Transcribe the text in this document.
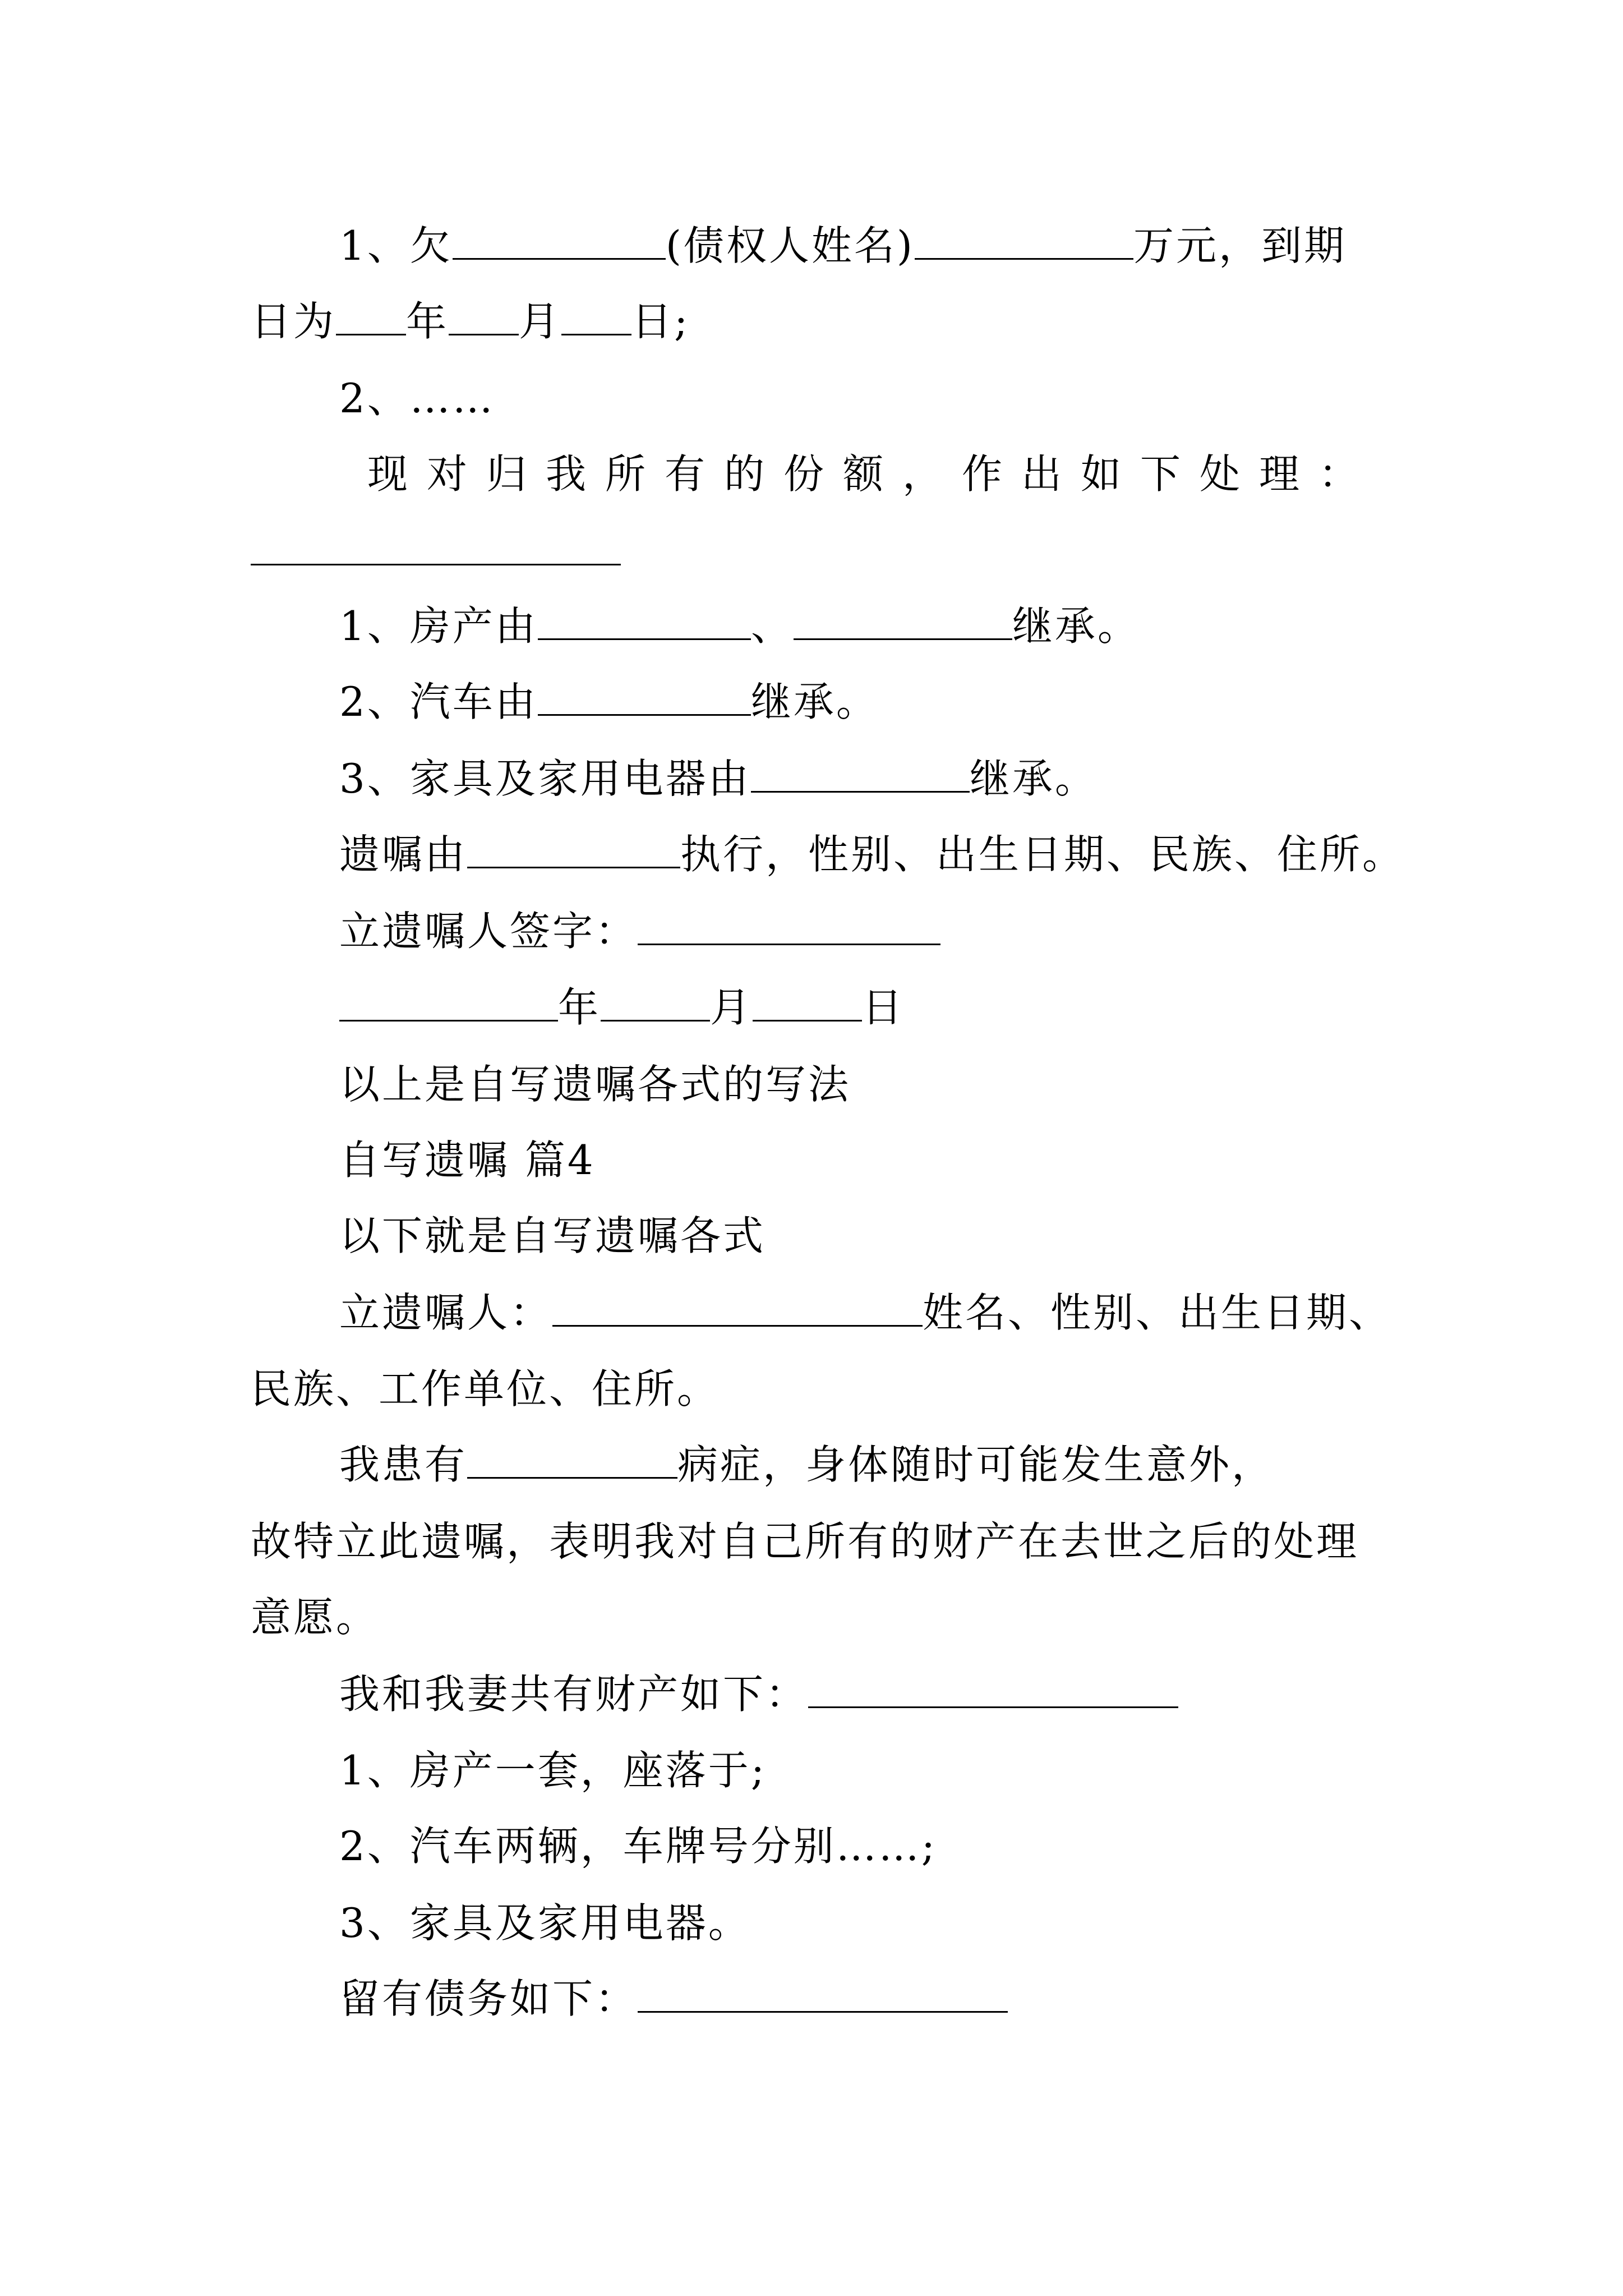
1、欠	(债权人姓名)	万元，到期
日为 年 月 日;
2、……
现对归我所有的份额，作出如下处理：
1、房产由	、	继承。
2、汽车由	继承。
3、家具及家用电器由	继承。
遗嘱由	执行，性别、出生日期、民族、住所。
立遗嘱人签字：
年	月	日
以上是自写遗嘱各式的写法
自写遗嘱 篇4
以下就是自写遗嘱各式
立遗嘱人：	姓名、性别、出生日期、
民族、工作单位、住所。
我患有	病症，身体随时可能发生意外，
故特立此遗嘱，表明我对自己所有的财产在去世之后的处理
意愿。
我和我妻共有财产如下：
1、房产一套，座落于;
2、汽车两辆，车牌号分别……;
3、家具及家用电器。
留有债务如下：
